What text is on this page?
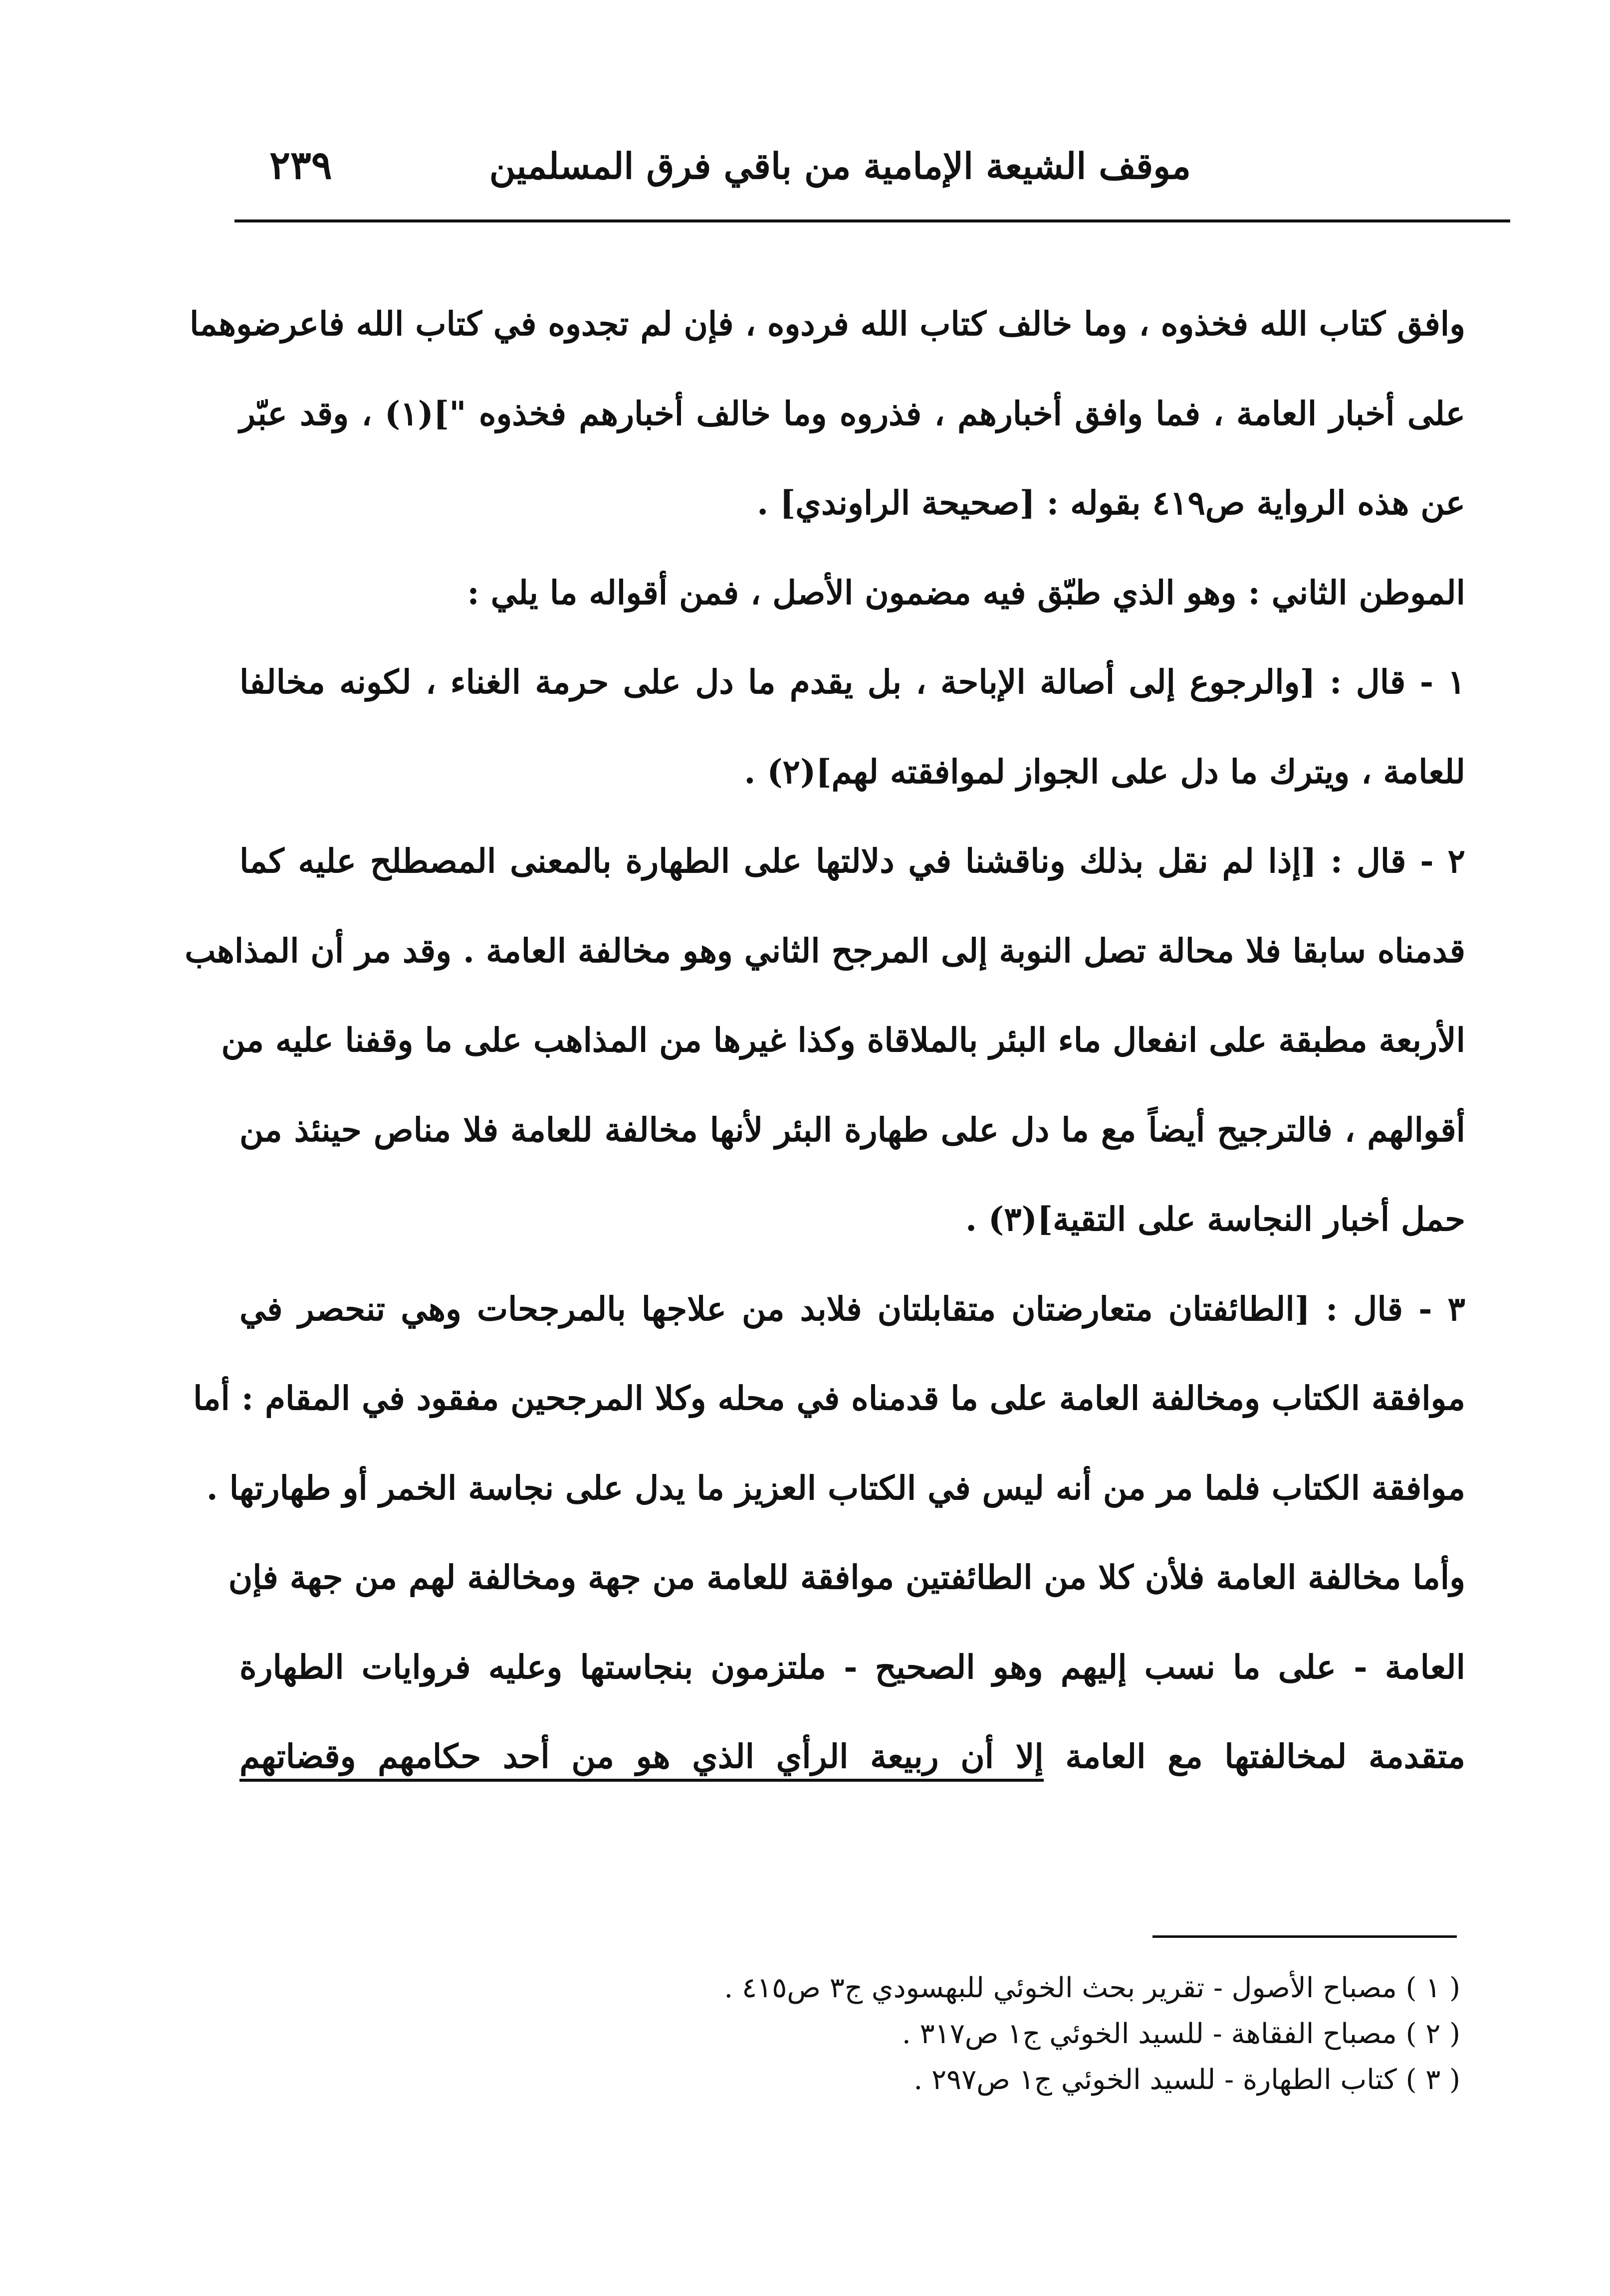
موقف الشيعة الإمامية من باقي فرق المسلمين
٢٣٩
وافق كتاب الله فخذوه ، وما خالف كتاب الله فردوه ، فإن لم تجدوه في كتاب الله فاعرضوهما
على أخبار العامة ، فما وافق أخبارهم ، فذروه وما خالف أخبارهم فخذوه "](١) ، وقد عبّر
عن هذه الرواية ص٤١٩ بقوله : [صحيحة الراوندي] .
الموطن الثاني : وهو الذي طبّق فيه مضمون الأصل ، فمن أقواله ما يلي :
١ - قال : [والرجوع إلى أصالة الإباحة ، بل يقدم ما دل على حرمة الغناء ، لكونه مخالفا
للعامة ، ويترك ما دل على الجواز لموافقته لهم](٢) .
٢ - قال : [إذا لم نقل بذلك وناقشنا في دلالتها على الطهارة بالمعنى المصطلح عليه كما
قدمناه سابقا فلا محالة تصل النوبة إلى المرجح الثاني وهو مخالفة العامة . وقد مر أن المذاهب
الأربعة مطبقة على انفعال ماء البئر بالملاقاة وكذا غيرها من المذاهب على ما وقفنا عليه من
أقوالهم ، فالترجيح أيضاً مع ما دل على طهارة البئر لأنها مخالفة للعامة فلا مناص حينئذ من
حمل أخبار النجاسة على التقية](٣) .
٣ - قال : [الطائفتان متعارضتان متقابلتان فلابد من علاجها بالمرجحات وهي تنحصر في
موافقة الكتاب ومخالفة العامة على ما قدمناه في محله وكلا المرجحين مفقود في المقام : أما
موافقة الكتاب فلما مر من أنه ليس في الكتاب العزيز ما يدل على نجاسة الخمر أو طهارتها .
وأما مخالفة العامة فلأن كلا من الطائفتين موافقة للعامة من جهة ومخالفة لهم من جهة فإن
العامة - على ما نسب إليهم وهو الصحيح - ملتزمون بنجاستها وعليه فروايات الطهارة
متقدمة لمخالفتها مع العامة إلا أن ربيعة الرأي الذي هو من أحد حكامهم وقضاتهم
( ١ ) مصباح الأصول - تقرير بحث الخوئي للبهسودي ج٣ ص٤١٥ .
( ٢ ) مصباح الفقاهة - للسيد الخوئي ج١ ص٣١٧ .
( ٣ ) كتاب الطهارة - للسيد الخوئي ج١ ص٢٩٧ .
